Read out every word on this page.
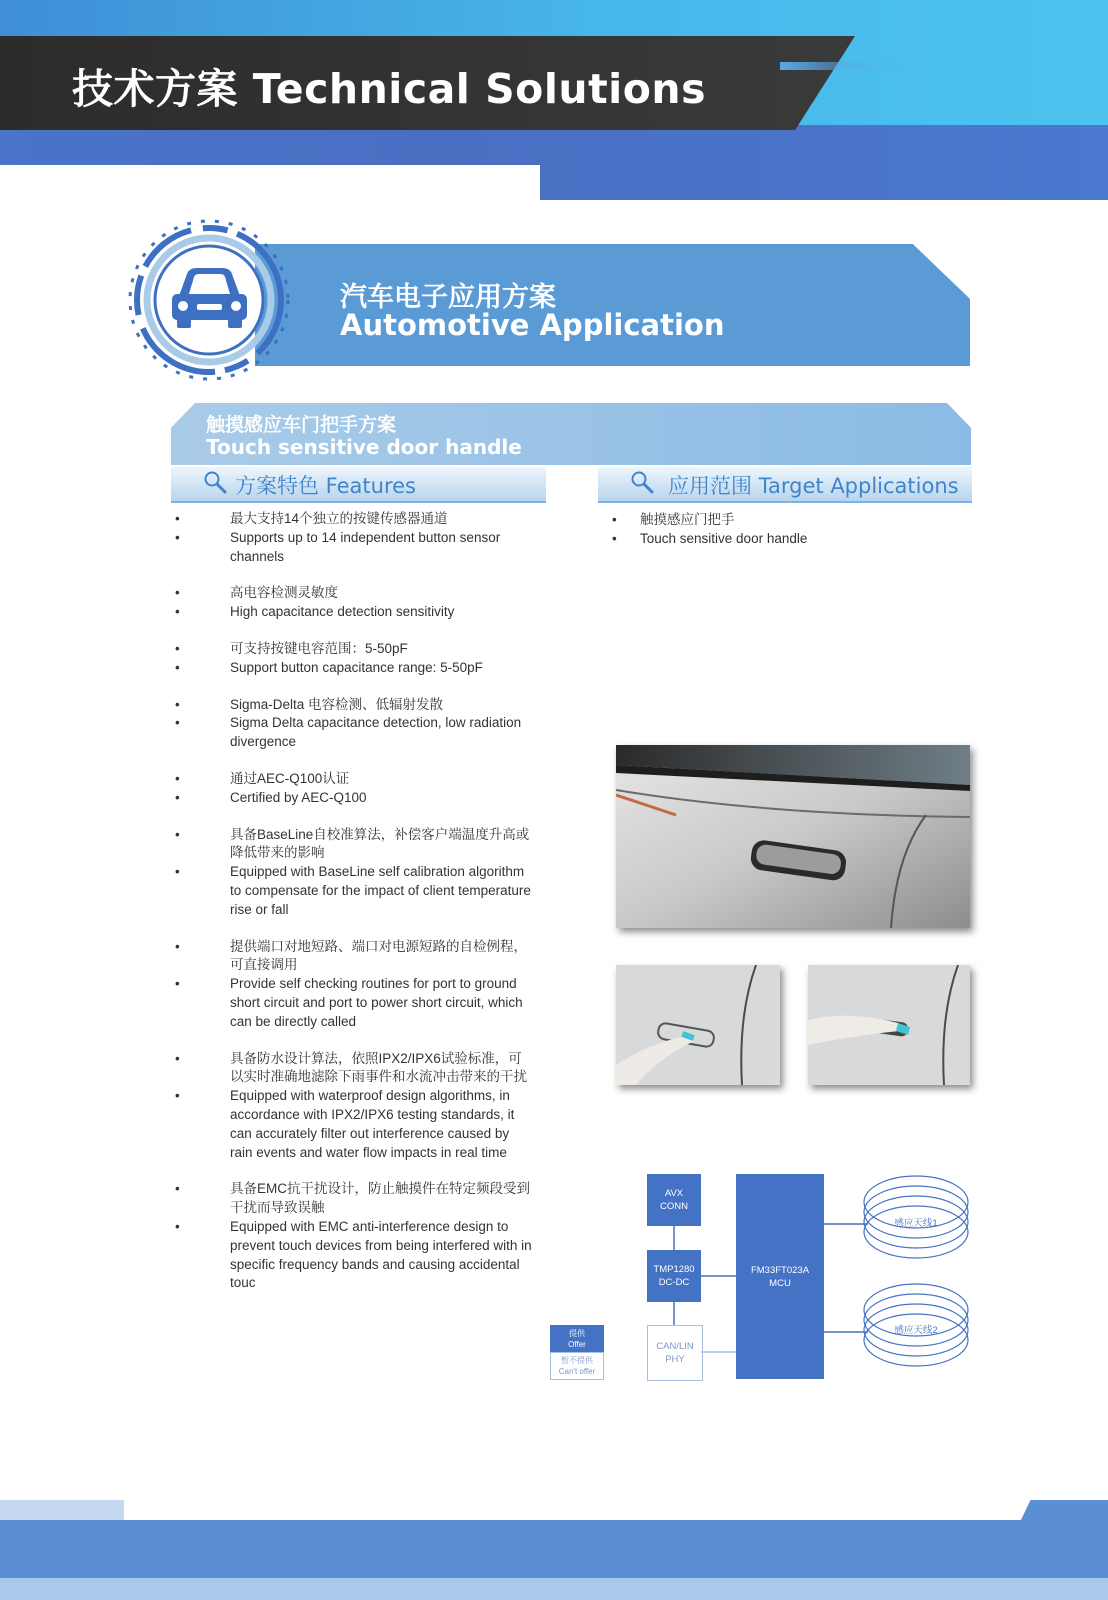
技术方案 Technical Solutions
汽车电子应用方案
Automotive Application
触摸感应车门把手方案
Touch sensitive door handle
方案特色 Features	应用范围 Target Applications
• 最大支持14个独立的按键传感器通道
• Supports up to 14 independent button sensor channels
• 高电容检测灵敏度
• High capacitance detection sensitivity
• 可支持按键电容范围：5-50pF
• Support button capacitance range: 5-50pF
• Sigma-Delta 电容检测、低辐射发散
• Sigma Delta capacitance detection, low radiation divergence
• 通过AEC-Q100认证
• Certified by AEC-Q100
• 具备BaseLine自校准算法，补偿客户端温度升高或降低带来的影响
• Equipped with BaseLine self calibration algorithm to compensate for the impact of client temperature rise or fall
• 提供端口对地短路、端口对电源短路的自检例程，可直接调用
• Provide self checking routines for port to ground short circuit and port to power short circuit, which can be directly called
• 具备防水设计算法，依照IPX2/IPX6试验标准，可以实时准确地滤除下雨事件和水流冲击带来的干扰
• Equipped with waterproof design algorithms, in accordance with IPX2/IPX6 testing standards, it can accurately filter out interference caused by rain events and water flow impacts in real time
• 具备EMC抗干扰设计，防止触摸件在特定频段受到干扰而导致误触
• Equipped with EMC anti-interference design to prevent touch devices from being interfered with in specific frequency bands and causing accidental touc
• 触摸感应门把手
• Touch sensitive door handle
AVX
CONN
TMP1280
DC-DC
CAN/LIN
PHY
FM33FT023A
MCU
感应天线1
感应天线2
提供
Offer
暂不提供
Can't offer
